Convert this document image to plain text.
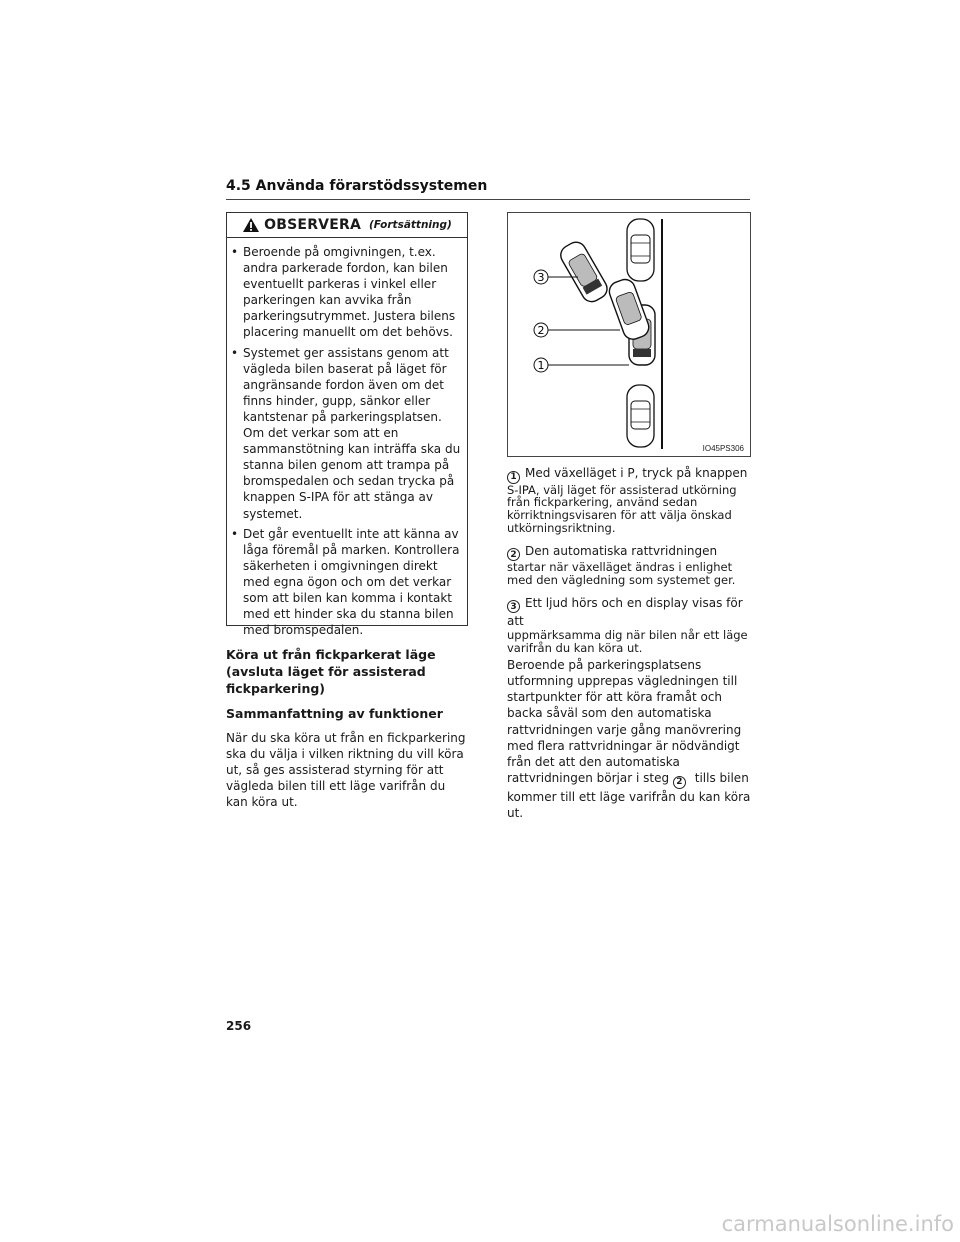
4.5 Använda förarstödssystemen
OBSERVERA (Fortsättning)
• Beroende på omgivningen, t.ex. andra parkerade fordon, kan bilen eventuellt parkeras i vinkel eller parkeringen kan avvika från parkeringsutrymmet. Justera bilens placering manuellt om det behövs.
• Systemet ger assistans genom att vägleda bilen baserat på läget för angränsande fordon även om det finns hinder, gupp, sänkor eller kantstenar på parkeringsplatsen. Om det verkar som att en sammanstötning kan inträffa ska du stanna bilen genom att trampa på bromspedalen och sedan trycka på knappen S-IPA för att stänga av systemet.
• Det går eventuellt inte att känna av låga föremål på marken. Kontrollera säkerheten i omgivningen direkt med egna ögon och om det verkar som att bilen kan komma i kontakt med ett hinder ska du stanna bilen med bromspedalen.

Köra ut från fickparkerat läge (avsluta läget för assisterad fickparkering)

Sammanfattning av funktioner

När du ska köra ut från en fickparkering ska du välja i vilken riktning du vill köra ut, så ges assisterad styrning för att vägleda bilen till ett läge varifrån du kan köra ut.

3
2
1
IO45PS306

1 Med växelläget i P, tryck på knappen
S-IPA, välj läget för assisterad utkörning från fickparkering, använd sedan körriktningsvisaren för att välja önskad utkörningsriktning.

2 Den automatiska rattvridningen
startar när växelläget ändras i enlighet med den vägledning som systemet ger.

3 Ett ljud hörs och en display visas för att
uppmärksamma dig när bilen når ett läge varifrån du kan köra ut.

Beroende på parkeringsplatsens utformning upprepas vägledningen till startpunkter för att köra framåt och backa såväl som den automatiska rattvridningen varje gång manövrering med flera rattvridningar är nödvändigt från det att den automatiska rattvridningen börjar i steg 2 tills bilen kommer till ett läge varifrån du kan köra ut.

256
carmanualsonline.info
